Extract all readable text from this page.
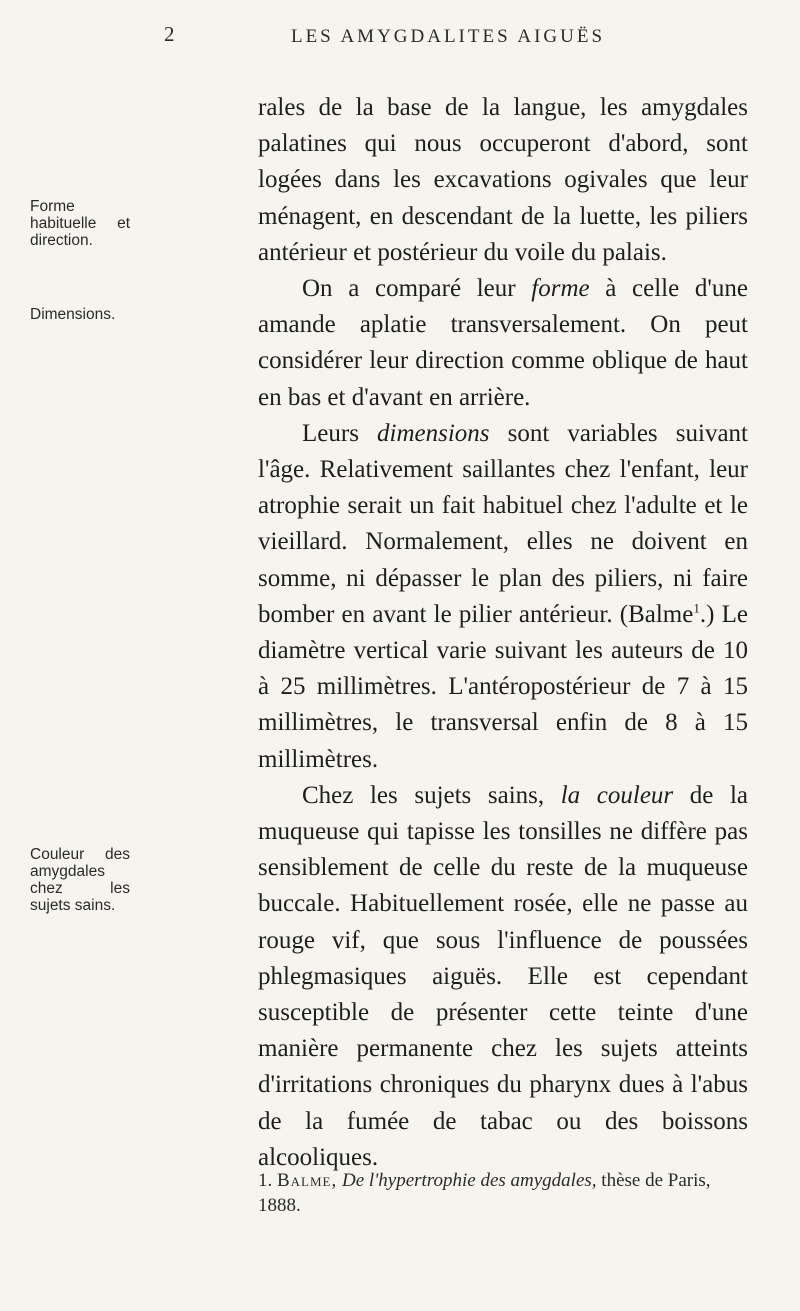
2	LES AMYGDALITES AIGUËS
Forme habituelle et direction.
Dimensions.
Couleur des amygdales chez les sujets sains.

rales de la base de la langue, les amygdales palatines qui nous occuperont d'abord, sont logées dans les excavations ogivales que leur ménagent, en descendant de la luette, les piliers antérieur et postérieur du voile du palais.

On a comparé leur forme à celle d'une amande aplatie transversalement. On peut considérer leur direction comme oblique de haut en bas et d'avant en arrière.

Leurs dimensions sont variables suivant l'âge. Relativement saillantes chez l'enfant, leur atrophie serait un fait habituel chez l'adulte et le vieillard. Normalement, elles ne doivent en somme, ni dépasser le plan des piliers, ni faire bomber en avant le pilier antérieur. (Balme$^1$.) Le diamètre vertical varie suivant les auteurs de 10 à 25 millimètres. L'antéropostérieur de 7 à 15 millimètres, le transversal enfin de 8 à 15 millimètres.

Chez les sujets sains, la couleur de la muqueuse qui tapisse les tonsilles ne diffère pas sensiblement de celle du reste de la muqueuse buccale. Habituellement rosée, elle ne passe au rouge vif, que sous l'influence de poussées phlegmasiques aiguës. Elle est cependant susceptible de présenter cette teinte d'une manière permanente chez les sujets atteints d'irritations chroniques du pharynx dues à l'abus de la fumée de tabac ou des boissons alcooliques.

1. Balme, De l'hypertrophie des amygdales, thèse de Paris, 1888.
